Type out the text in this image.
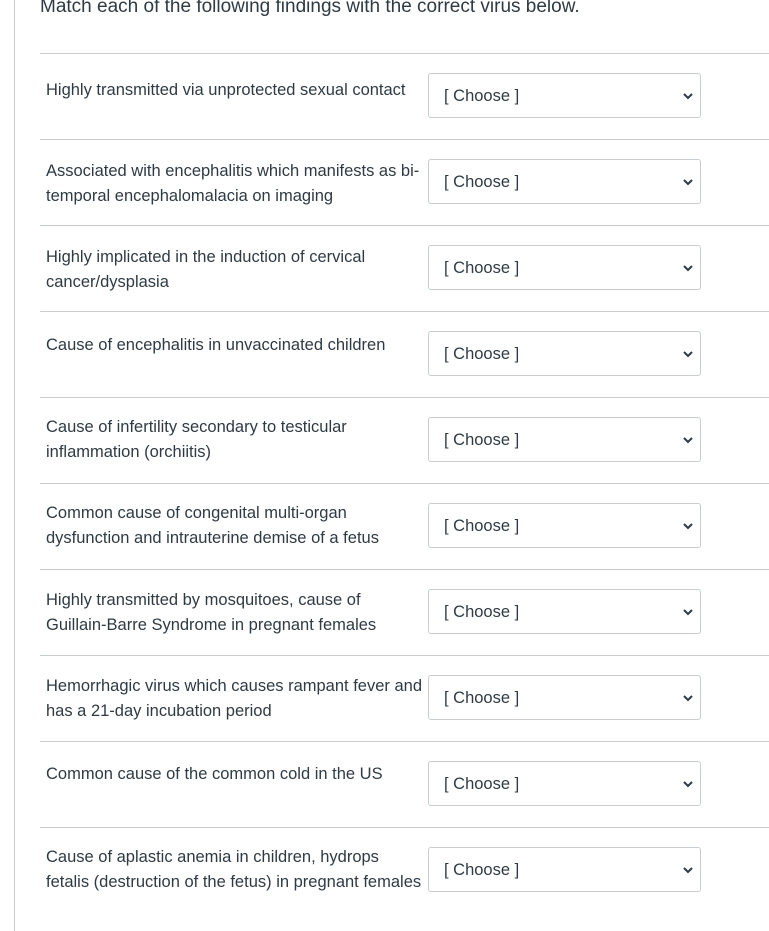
Match each of the following findings with the correct virus below.

Highly transmitted via unprotected sexual contact	[ Choose ]

Associated with encephalitis which manifests as bi-temporal encephalomalacia on imaging

[ Choose ]

Highly implicated in the induction of cervical cancer/dysplasia

[ Choose ]

Cause of encephalitis in unvaccinated children	[ Choose ]

Cause of infertility secondary to testicular inflammation (orchiitis)

[ Choose ]

Common cause of congenital multi-organ dysfunction and intrauterine demise of a fetus

[ Choose ]

Highly transmitted by mosquitoes, cause of Guillain-Barre Syndrome in pregnant females

[ Choose ]

Hemorrhagic virus which causes rampant fever and has a 21-day incubation period

[ Choose ]

Common cause of the common cold in the US

[ Choose ]

Cause of aplastic anemia in children, hydrops fetalis (destruction of the fetus) in pregnant females

[ Choose ]
